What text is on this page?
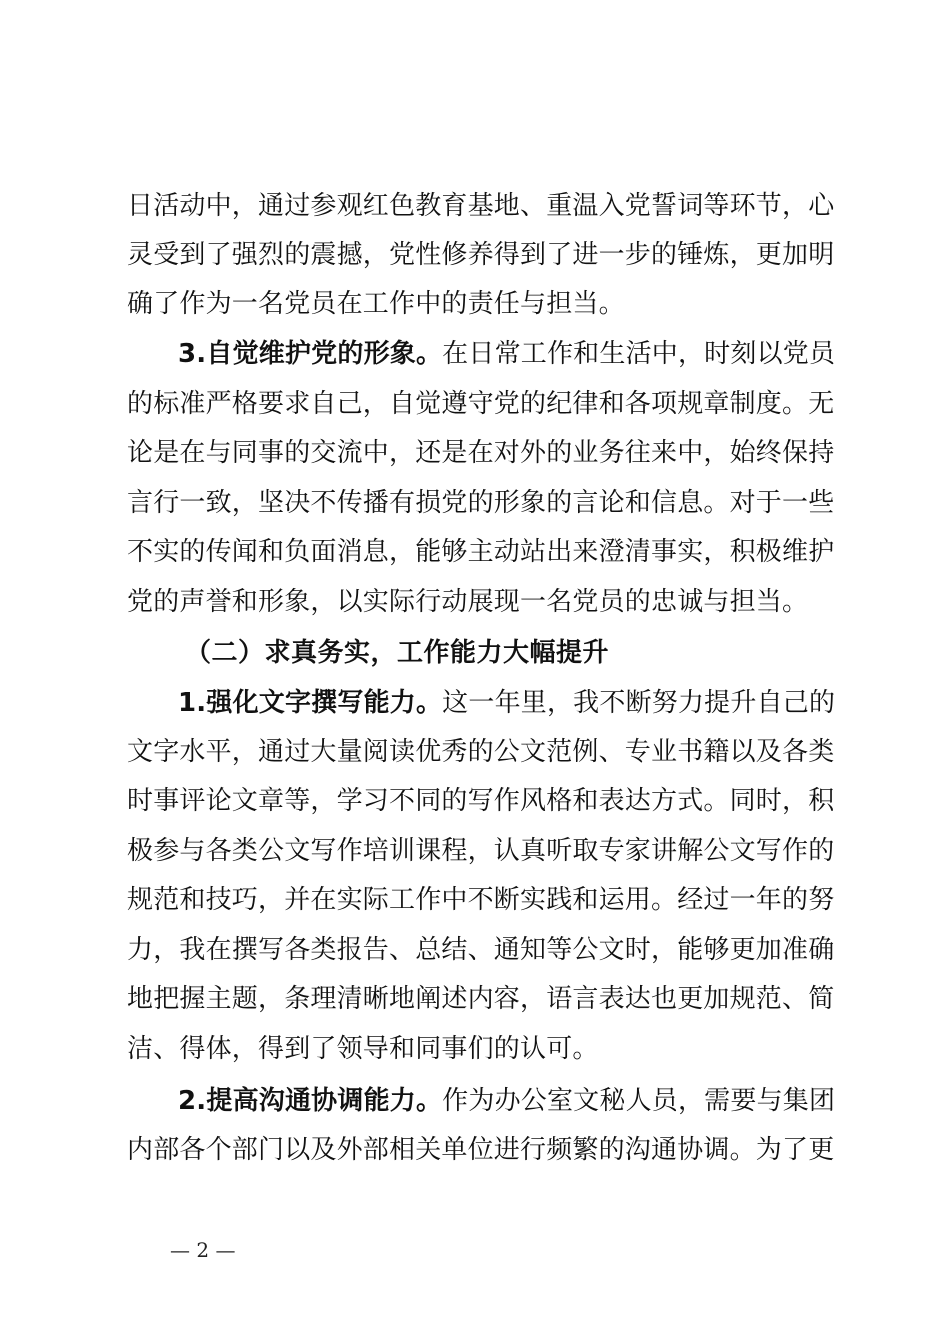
日活动中，通过参观红色教育基地、重温入党誓词等环节，心
灵受到了强烈的震撼，党性修养得到了进一步的锤炼，更加明
确了作为一名党员在工作中的责任与担当。
3.自觉维护党的形象。在日常工作和生活中，时刻以党员
的标准严格要求自己，自觉遵守党的纪律和各项规章制度。无
论是在与同事的交流中，还是在对外的业务往来中，始终保持
言行一致，坚决不传播有损党的形象的言论和信息。对于一些
不实的传闻和负面消息，能够主动站出来澄清事实，积极维护
党的声誉和形象，以实际行动展现一名党员的忠诚与担当。
（二）求真务实，工作能力大幅提升
1.强化文字撰写能力。这一年里，我不断努力提升自己的
文字水平，通过大量阅读优秀的公文范例、专业书籍以及各类
时事评论文章等，学习不同的写作风格和表达方式。同时，积
极参与各类公文写作培训课程，认真听取专家讲解公文写作的
规范和技巧，并在实际工作中不断实践和运用。经过一年的努
力，我在撰写各类报告、总结、通知等公文时，能够更加准确
地把握主题，条理清晰地阐述内容，语言表达也更加规范、简
洁、得体，得到了领导和同事们的认可。
2.提高沟通协调能力。作为办公室文秘人员，需要与集团
内部各个部门以及外部相关单位进行频繁的沟通协调。为了更
— 2 —
